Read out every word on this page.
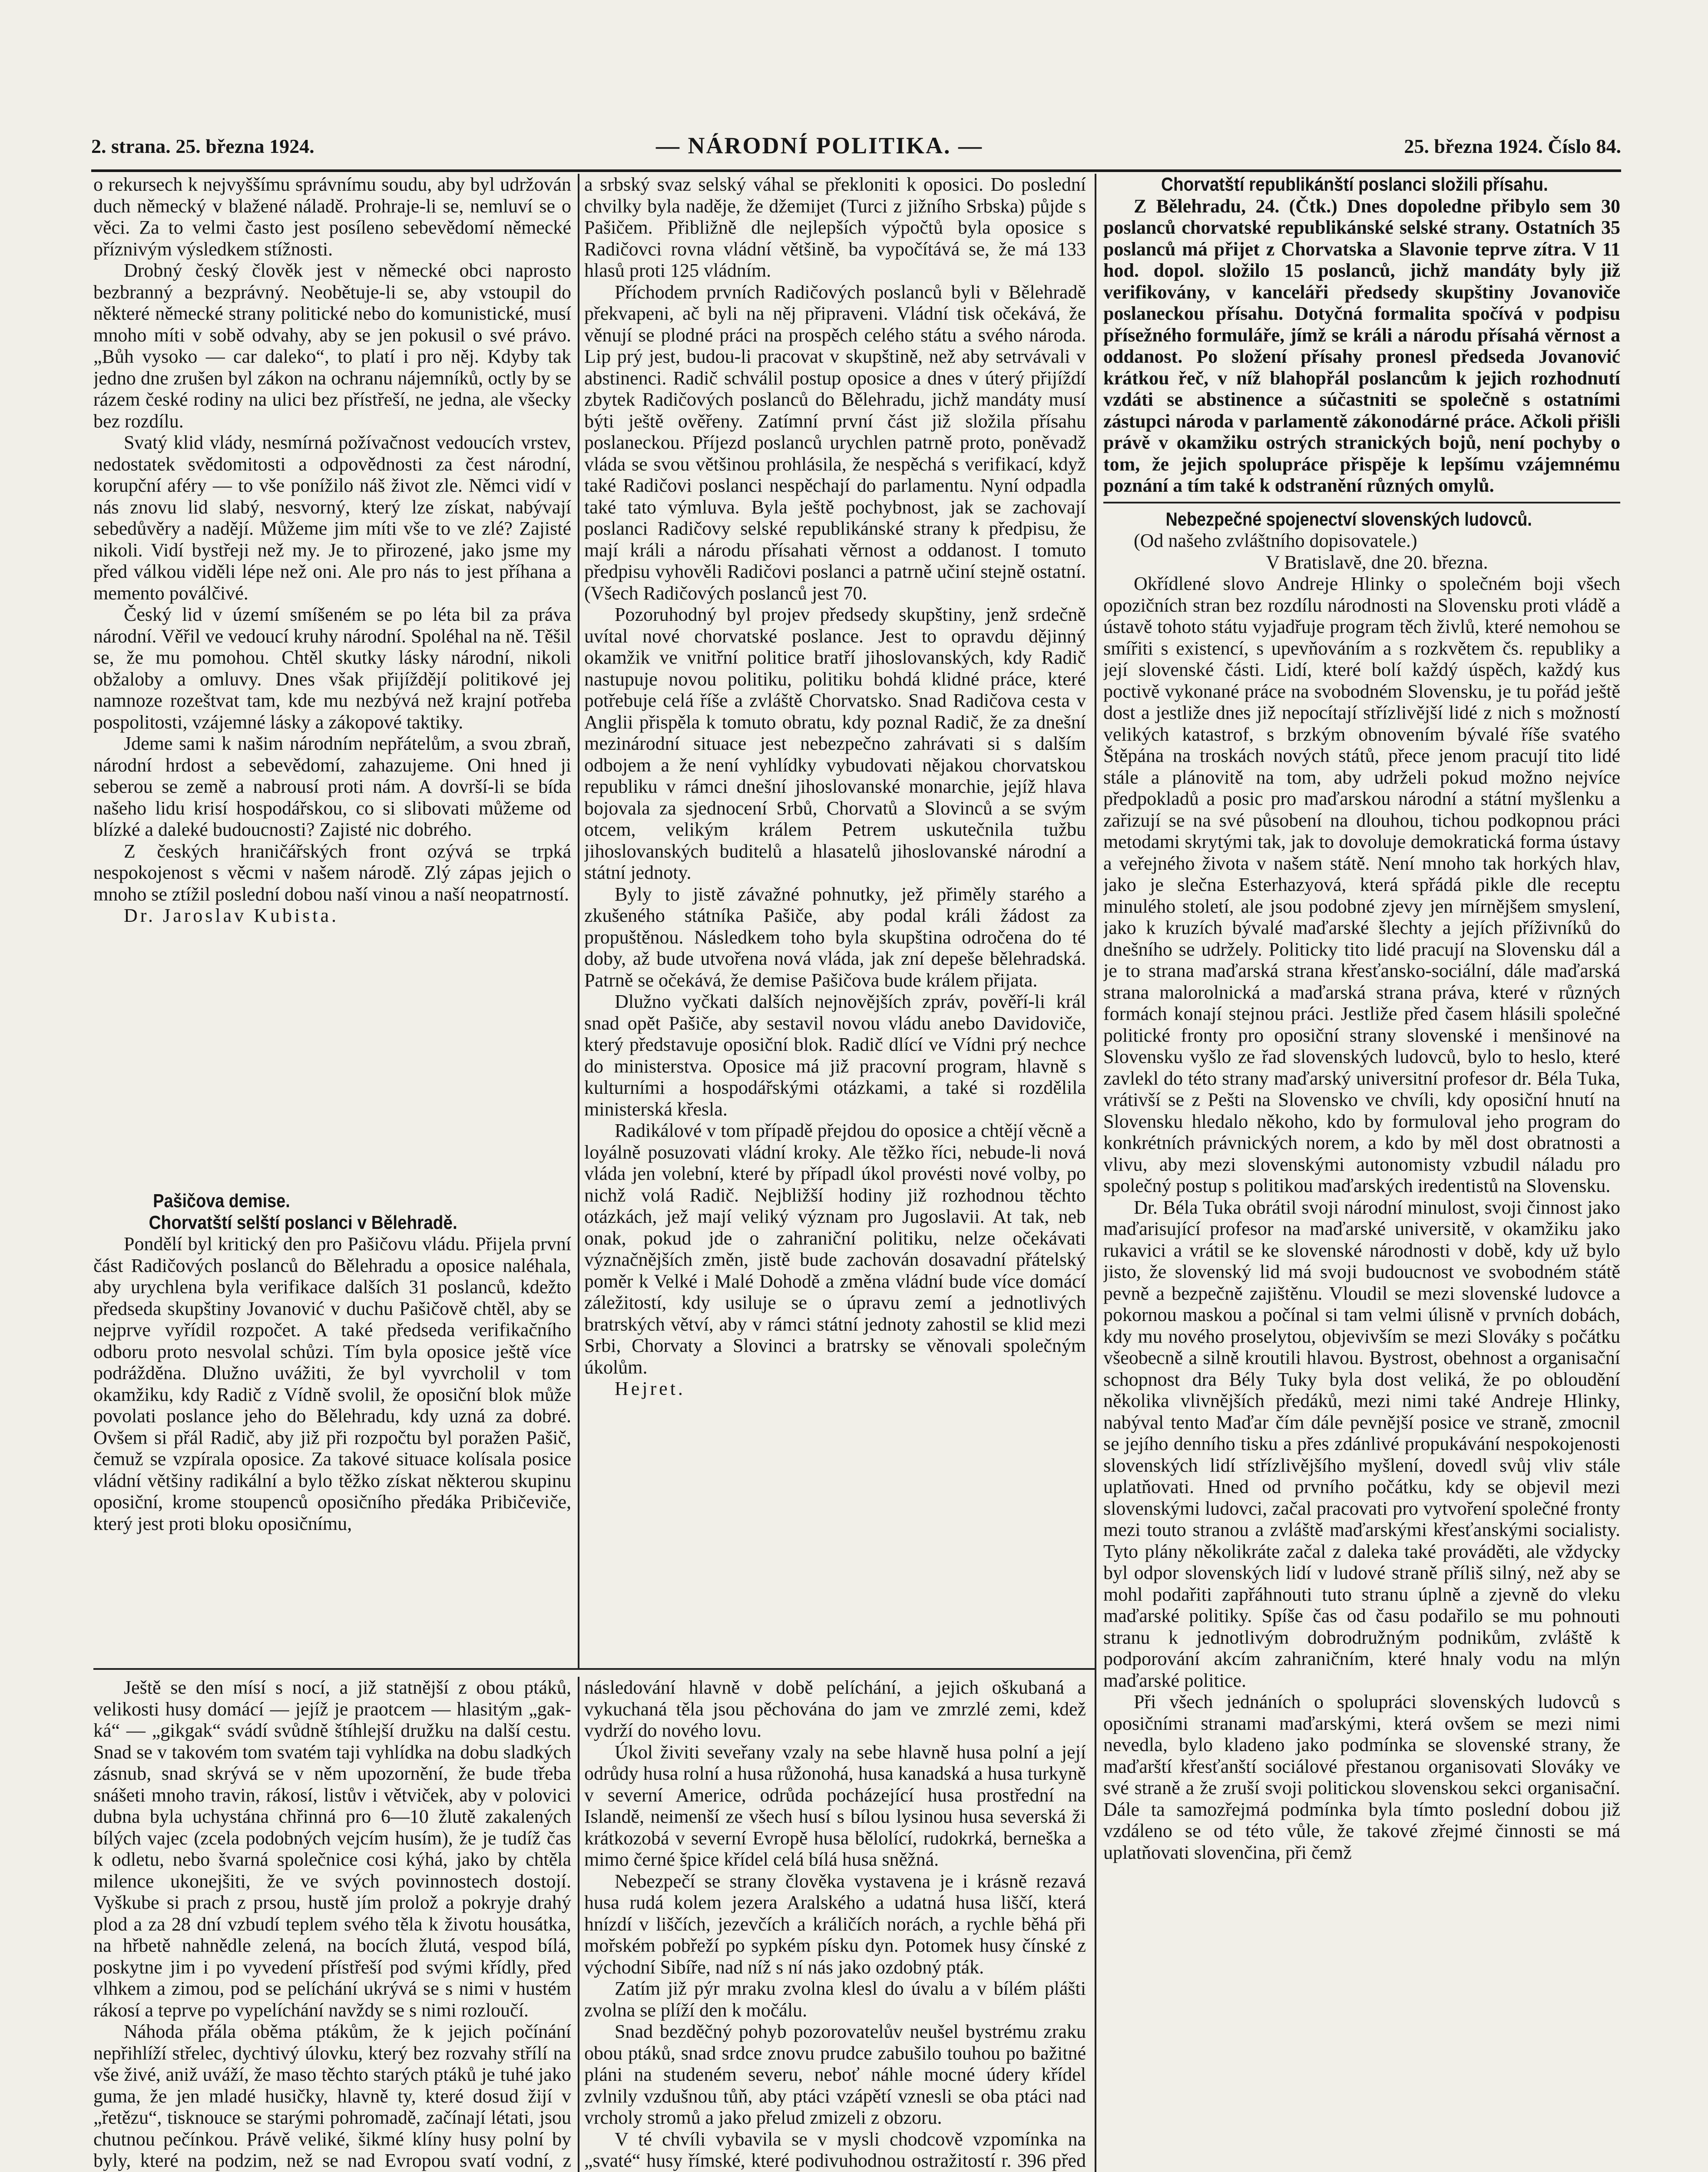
2. strana. 25. března 1924.	— NÁRODNÍ POLITIKA. —	25. března 1924. Číslo 84.

o rekursech k nejvyššímu správnímu soudu, aby byl udržován duch německý v blažené náladě. Prohraje-li se, nemluví se o věci. Za to velmi často jest posíleno sebevědomí německé příznivým výsledkem stížnosti.

Drobný český člověk jest v německé obci naprosto bezbranný a bezprávný. Neobětuje-li se, aby vstoupil do některé německé strany politické nebo do komunistické, musí mnoho míti v sobě odvahy, aby se jen pokusil o své právo. „Bůh vysoko — car daleko“, to platí i pro něj. Kdyby tak jedno dne zrušen byl zákon na ochranu nájemníků, octly by se rázem české rodiny na ulici bez přístřeší, ne jedna, ale všecky bez rozdílu.

Svatý klid vlády, nesmírná požívačnost vedoucích vrstev, nedostatek svědomitosti a odpovědnosti za čest národní, korupční aféry — to vše ponížilo náš život zle. Němci vidí v nás znovu lid slabý, nesvorný, který lze získat, nabývají sebedůvěry a nadějí. Můžeme jim míti vše to ve zlé? Zajisté nikoli. Vidí bystřeji než my. Je to přirozené, jako jsme my před válkou viděli lépe než oni. Ale pro nás to jest příhana a memento poválčivé.

Český lid v území smíšeném se po léta bil za práva národní. Věřil ve vedoucí kruhy národní. Spoléhal na ně. Těšil se, že mu pomohou. Chtěl skutky lásky národní, nikoli obžaloby a omluvy. Dnes však přijíždějí politikové jej namnoze rozeštvat tam, kde mu nezbývá než krajní potřeba pospolitosti, vzájemné lásky a zákopové taktiky.

Jdeme sami k našim národním nepřátelům, a svou zbraň, národní hrdost a sebevědomí, zahazujeme. Oni hned ji seberou se země a nabrousí proti nám. A dovrší-li se bída našeho lidu krisí hospodářskou, co si slibovati můžeme od blízké a daleké budoucnosti? Zajisté nic dobrého.

Z českých hraničářských front ozývá se trpká nespokojenost s věcmi v našem národě. Zlý zápas jejich o mnoho se ztížil poslední dobou naší vinou a naší neopatrností.

Dr. Jaroslav Kubista.

Pašičova demise.

Chorvatští selští poslanci v Bělehradě.

Pondělí byl kritický den pro Pašičovu vládu. Přijela první část Radičových poslanců do Bělehradu a oposice naléhala, aby urychlena byla verifikace dalších 31 poslanců, kdežto předseda skupštiny Jovanović v duchu Pašičově chtěl, aby se nejprve vyřídil rozpočet. A také předseda verifikačního odboru proto nesvolal schůzi. Tím byla oposice ještě více podrážděna. Dlužno uvážiti, že byl vyvrcholil v tom okamžiku, kdy Radič z Vídně svolil, že oposiční blok může povolati poslance jeho do Bělehradu, kdy uzná za dobré. Ovšem si přál Radič, aby již při rozpočtu byl poražen Pašič, čemuž se vzpírala oposice. Za takové situace kolísala posice vládní většiny radikální a bylo těžko získat některou skupinu oposiční, krome stoupenců oposičního předáka Pribičeviče, který jest proti bloku oposičnímu,

a srbský svaz selský váhal se překloniti k oposici. Do poslední chvilky byla naděje, že džemijet (Turci z jižního Srbska) půjde s Pašičem. Přibližně dle nejlepších výpočtů byla oposice s Radičovci rovna vládní většině, ba vypočítává se, že má 133 hlasů proti 125 vládním.

Příchodem prvních Radičových poslanců byli v Bělehradě překvapeni, ač byli na něj připraveni. Vládní tisk očekává, že věnují se plodné práci na prospěch celého státu a svého národa. Lip prý jest, budou-li pracovat v skupštině, než aby setrvávali v abstinenci. Radič schválil postup oposice a dnes v úterý přijíždí zbytek Radičových poslanců do Bělehradu, jichž mandáty musí býti ještě ověřeny. Zatímní první část již složila přísahu poslaneckou. Příjezd poslanců urychlen patrně proto, poněvadž vláda se svou většinou prohlásila, že nespěchá s verifikací, když také Radičovi poslanci nespěchají do parlamentu. Nyní odpadla také tato výmluva. Byla ještě pochybnost, jak se zachovají poslanci Radičovy selské republikánské strany k předpisu, že mají králi a národu přísahati věrnost a oddanost. I tomuto předpisu vyhověli Radičovi poslanci a patrně učiní stejně ostatní. (Všech Radičových poslanců jest 70.

Pozoruhodný byl projev předsedy skupštiny, jenž srdečně uvítal nové chorvatské poslance. Jest to opravdu dějinný okamžik ve vnitřní politice bratří jihoslovanských, kdy Radič nastupuje novou politiku, politiku bohdá klidné práce, které potřebuje celá říše a zvláště Chorvatsko. Snad Radičova cesta v Anglii přispěla k tomuto obratu, kdy poznal Radič, že za dnešní mezinárodní situace jest nebezpečno zahrávati si s dalším odbojem a že není vyhlídky vybudovati nějakou chorvatskou republiku v rámci dnešní jihoslovanské monarchie, jejíž hlava bojovala za sjednocení Srbů, Chorvatů a Slovinců a se svým otcem, velikým králem Petrem uskutečnila tužbu jihoslovanských buditelů a hlasatelů jihoslovanské národní a státní jednoty.

Byly to jistě závažné pohnutky, jež přiměly starého a zkušeného státníka Pašiče, aby podal králi žádost za propuštěnou. Následkem toho byla skupština odročena do té doby, až bude utvořena nová vláda, jak zní depeše bělehradská. Patrně se očekává, že demise Pašičova bude králem přijata.

Dlužno vyčkati dalších nejnovějších zpráv, pověří-li král snad opět Pašiče, aby sestavil novou vládu anebo Davidoviče, který představuje oposiční blok. Radič dlící ve Vídni prý nechce do ministerstva. Oposice má již pracovní program, hlavně s kulturními a hospodářskými otázkami, a také si rozdělila ministerská křesla.

Radikálové v tom případě přejdou do oposice a chtějí věcně a loyálně posuzovati vládní kroky. Ale těžko říci, nebude-li nová vláda jen volební, které by případl úkol provésti nové volby, po nichž volá Radič. Nejbližší hodiny již rozhodnou těchto otázkách, jež mají veliký význam pro Jugoslavii. At tak, neb onak, pokud jde o zahraniční politiku, nelze očekávati význačnějších změn, jistě bude zachován dosavadní přátelský poměr k Velké i Malé Dohodě a změna vládní bude více domácí záležitostí, kdy usiluje se o úpravu zemí a jednotlivých bratrských větví, aby v rámci státní jednoty zahostil se klid mezi Srbi, Chorvaty a Slovinci a bratrsky se věnovali společným úkolům.

Hejret.

Chorvatští republikánští poslanci složili přísahu.

Z Bělehradu, 24. (Čtk.) Dnes dopoledne přibylo sem 30 poslanců chorvatské republikánské selské strany. Ostatních 35 poslanců má přijet z Chorvatska a Slavonie teprve zítra. V 11 hod. dopol. složilo 15 poslanců, jichž mandáty byly již verifikovány, v kanceláři předsedy skupštiny Jovanoviče poslaneckou přísahu. Dotyčná formalita spočívá v podpisu přísežného formuláře, jímž se králi a národu přísahá věrnost a oddanost. Po složení přísahy pronesl předseda Jovanović krátkou řeč, v níž blahopřál poslancům k jejich rozhodnutí vzdáti se abstinence a súčastniti se společně s ostatními zástupci národa v parlamentě zákonodárné práce. Ačkoli přišli právě v okamžiku ostrých stranických bojů, není pochyby o tom, že jejich spolupráce přispěje k lepšímu vzájemnému poznání a tím také k odstranění různých omylů.

Nebezpečné spojenectví slovenských ludovců.

(Od našeho zvláštního dopisovatele.)

V Bratislavě, dne 20. března.

Okřídlené slovo Andreje Hlinky o společném boji všech opozičních stran bez rozdílu národnosti na Slovensku proti vládě a ústavě tohoto státu vyjadřuje program těch živlů, které nemohou se smířiti s existencí, s upevňováním a s rozkvětem čs. republiky a její slovenské části. Lidí, které bolí každý úspěch, každý kus poctivě vykonané práce na svobodném Slovensku, je tu pořád ještě dost a jestliže dnes již nepocítají střízlivější lidé z nich s možností velikých katastrof, s brzkým obnovením bývalé říše svatého Štěpána na troskách nových států, přece jenom pracují tito lidé stále a plánovitě na tom, aby udrželi pokud možno nejvíce předpokladů a posic pro maďarskou národní a státní myšlenku a zařizují se na své působení na dlouhou, tichou podkopnou práci metodami skrytými tak, jak to dovoluje demokratická forma ústavy a veřejného života v našem státě. Není mnoho tak horkých hlav, jako je slečna Esterhazyová, která spřádá pikle dle receptu minulého století, ale jsou podobné zjevy jen mírnějšem smyslení, jako k kruzích bývalé maďarské šlechty a jejích příživníků do dnešního se udržely. Politicky tito lidé pracují na Slovensku dál a je to strana maďarská strana křesťansko-sociální, dále maďarská strana malorolnická a maďarská strana práva, které v různých formách konají stejnou práci. Jestliže před časem hlásili společné politické fronty pro oposiční strany slovenské i menšinové na Slovensku vyšlo ze řad slovenských ludovců, bylo to heslo, které zavlekl do této strany maďarský universitní profesor dr. Béla Tuka, vrátivší se z Pešti na Slovensko ve chvíli, kdy oposiční hnutí na Slovensku hledalo někoho, kdo by formuloval jeho program do konkrétních právnických norem, a kdo by měl dost obratnosti a vlivu, aby mezi slovenskými autonomisty vzbudil náladu pro společný postup s politikou maďarských iredentistů na Slovensku.

Dr. Béla Tuka obrátil svoji národní minulost, svoji činnost jako maďarisující profesor na maďarské universitě, v okamžiku jako rukavici a vrátil se ke slovenské národnosti v době, kdy už bylo jisto, že slovenský lid má svoji budoucnost ve svobodném státě pevně a bezpečně zajištěnu. Vloudil se mezi slovenské ludovce a pokornou maskou a počínal si tam velmi úlisně v prvních dobách, kdy mu nového proselytou, objevivším se mezi Slováky s počátku všeobecně a silně kroutili hlavou. Bystrost, obehnost a organisační schopnost dra Bély Tuky byla dost veliká, že po obloudění několika vlivnějších předáků, mezi nimi také Andreje Hlinky, nabýval tento Maďar čím dále pevnější posice ve straně, zmocnil se jejího denního tisku a přes zdánlivé propukávání nespokojenosti slovenských lidí střízlivějšího myšlení, dovedl svůj vliv stále uplatňovati. Hned od prvního počátku, kdy se objevil mezi slovenskými ludovci, začal pracovati pro vytvoření společné fronty mezi touto stranou a zvláště maďarskými křesťanskými socialisty. Tyto plány několikráte začal z daleka také prováděti, ale vždycky byl odpor slovenských lidí v ludové straně příliš silný, než aby se mohl podařiti zapřáhnouti tuto stranu úplně a zjevně do vleku maďarské politiky. Spíše čas od času podařilo se mu pohnouti stranu k jednotlivým dobrodružným podnikům, zvláště k podporování akcím zahraničním, které hnaly vodu na mlýn maďarské politice.

Při všech jednáních o spolupráci slovenských ludovců s oposičními stranami maďarskými, která ovšem se mezi nimi nevedla, bylo kladeno jako podmínka se slovenské strany, že maďarští křesťanští sociálové přestanou organisovati Slováky ve své straně a že zruší svoji politickou slovenskou sekci organisační. Dále ta samozřejmá podmínka byla tímto poslední dobou již vzdáleno se od této vůle, že takové zřejmé činnosti se má uplatňovati slovenčina, při čemž

Ještě se den mísí s nocí, a již statnější z obou ptáků, velikosti husy domácí — jejíž je praotcem — hlasitým „gak-ká“ — „gikgak“ svádí svůdně štíhlejší družku na další cestu. Snad se v takovém tom svatém taji vyhlídka na dobu sladkých zásnub, snad skrývá se v něm upozornění, že bude třeba snášeti mnoho travin, rákosí, listův i větviček, aby v polovici dubna byla uchystána chřinná pro 6—10 žlutě zakalených bílých vajec (zcela podobných vejcím husím), že je tudíž čas k odletu, nebo švarná společnice cosi kýhá, jako by chtěla milence ukonejšiti, že ve svých povinnostech dostojí. Vyškube si prach z prsou, hustě jím prolož a pokryje drahý plod a za 28 dní vzbudí teplem svého těla k životu housátka, na hřbetě nahnědle zelená, na bocích žlutá, vespod bílá, poskytne jim i po vyvedení přístřeší pod svými křídly, před vlhkem a zimou, pod se pelíchání ukrývá se s nimi v hustém rákosí a teprve po vypelíchání navždy se s nimi rozloučí.

Náhoda přála oběma ptákům, že k jejich počínání nepřihlíží střelec, dychtivý úlovku, který bez rozvahy střílí na vše živé, aniž uváží, že maso těchto starých ptáků je tuhé jako guma, že jen mladé husičky, hlavně ty, které dosud žijí v „řetězu“, tisknouce se starými pohromadě, začínají létati, jsou chutnou pečínkou. Právě veliké, šikmé klíny husy polní by byly, které na podzim, než se nad Evropou svatí vodní, z

následování hlavně v době pelíchání, a jejich oškubaná a vykuchaná těla jsou pěchována do jam ve zmrzlé zemi, kdež vydrží do nového lovu.

Úkol živiti seveřany vzaly na sebe hlavně husa polní a její odrůdy husa rolní a husa růžonohá, husa kanadská a husa turkyně v severní Americe, odrůda pocházející husa prostřední na Islandě, neimenší ze všech husí s bílou lysinou husa severská ži krátkozobá v severní Evropě husa bělolící, rudokrká, berneška a mimo černé špice křídel celá bílá husa sněžná.

Nebezpečí se strany člověka vystavena je i krásně rezavá husa rudá kolem jezera Aralského a udatná husa liščí, která hnízdí v liščích, jezevčích a králičích norách, a rychle běhá při mořském pobřeží po sypkém písku dyn. Potomek husy čínské z východní Sibíře, nad níž s ní nás jako ozdobný pták.

Zatím již pýr mraku zvolna klesl do úvalu a v bílém plášti zvolna se plíží den k močálu.

Snad bezděčný pohyb pozorovatelův neušel bystrému zraku obou ptáků, snad srdce znovu prudce zabušilo touhou po bažitné pláni na studeném severu, neboť náhle mocné údery křídel zvlnily vzdušnou tůň, aby ptáci vzápětí vznesli se oba ptáci nad vrcholy stromů a jako přelud zmizeli z obzoru.

V té chvíli vybavila se v mysli chodcově vzpomínka na „svaté“ husy římské, které podivuhodnou ostražitostí r. 396 před
